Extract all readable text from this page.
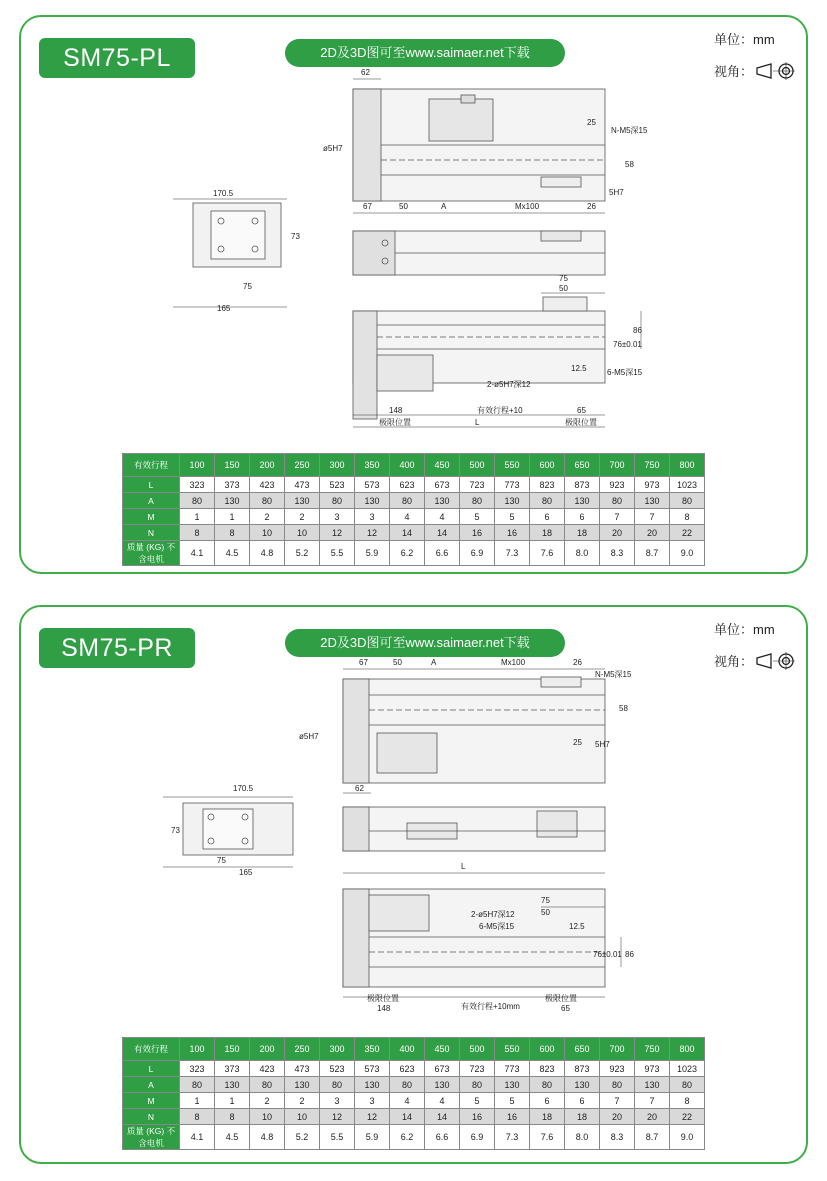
SM75-PL	2D及3D图可至www.saimaer.net下载
单位：mm
视角：
62
25
N-M5深15
ø5H7
58
5H7
67	50	A	Mx100	26
170.5
73
75
165
75
50
86
76±0.01
12.5	6-M5深15
2-ø5H7深12
148	有效行程+10	65
极限位置	L	极限位置
有效行程	100	150	200	250	300	350	400	450	500	550	600	650	700	750	800
L	323	373	423	473	523	573	623	673	723	773	823	873	923	973	1023
A	80	130	80	130	80	130	80	130	80	130	80	130	80	130	80
M	1	1	2	2	3	3	4	4	5	5	6	6	7	7	8
N	8	8	10	10	12	12	14	14	16	16	18	18	20	20	22
质量 (KG) 不含电机	4.1	4.5	4.8	5.2	5.5	5.9	6.2	6.6	6.9	7.3	7.6	8.0	8.3	8.7	9.0
SM75-PR	2D及3D图可至www.saimaer.net下载
单位：mm
视角：
67	50	A	Mx100	26
N-M5深15
ø5H7
58
25 5H7
62
170.5
73
75
165
L
75
50
2-ø5H7深12
6-M5深15	12.5
76±0.01 86
极限位置
有效行程+10mm
极限位置
148	65
有效行程	100	150	200	250	300	350	400	450	500	550	600	650	700	750	800
L	323	373	423	473	523	573	623	673	723	773	823	873	923	973	1023
A	80	130	80	130	80	130	80	130	80	130	80	130	80	130	80
M	1	1	2	2	3	3	4	4	5	5	6	6	7	7	8
N	8	8	10	10	12	12	14	14	16	16	18	18	20	20	22
质量 (KG) 不含电机	4.1	4.5	4.8	5.2	5.5	5.9	6.2	6.6	6.9	7.3	7.6	8.0	8.3	8.7	9.0
